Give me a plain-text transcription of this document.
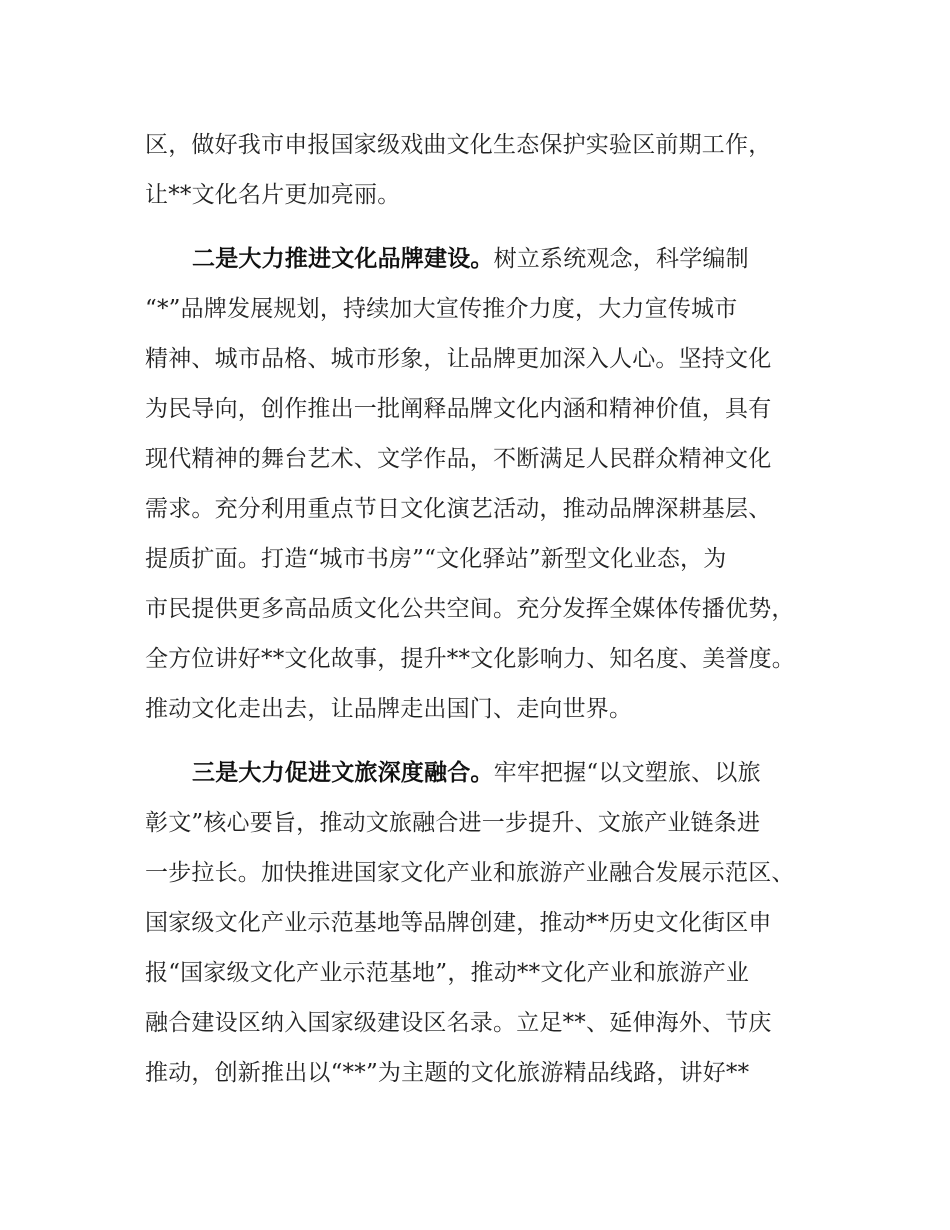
区，做好我市申报国家级戏曲文化生态保护实验区前期工作，
让**文化名片更加亮丽。
二是大力推进文化品牌建设。树立系统观念，科学编制
“*”品牌发展规划，持续加大宣传推介力度，大力宣传城市
精神、城市品格、城市形象，让品牌更加深入人心。坚持文化
为民导向，创作推出一批阐释品牌文化内涵和精神价值，具有
现代精神的舞台艺术、文学作品，不断满足人民群众精神文化
需求。充分利用重点节日文化演艺活动，推动品牌深耕基层、
提质扩面。打造“城市书房”“文化驿站”新型文化业态，为
市民提供更多高品质文化公共空间。充分发挥全媒体传播优势，
全方位讲好**文化故事，提升**文化影响力、知名度、美誉度。
推动文化走出去，让品牌走出国门、走向世界。
三是大力促进文旅深度融合。牢牢把握“以文塑旅、以旅
彰文”核心要旨，推动文旅融合进一步提升、文旅产业链条进
一步拉长。加快推进国家文化产业和旅游产业融合发展示范区、
国家级文化产业示范基地等品牌创建，推动**历史文化街区申
报“国家级文化产业示范基地”，推动**文化产业和旅游产业
融合建设区纳入国家级建设区名录。立足**、延伸海外、节庆
推动，创新推出以“**”为主题的文化旅游精品线路，讲好**
